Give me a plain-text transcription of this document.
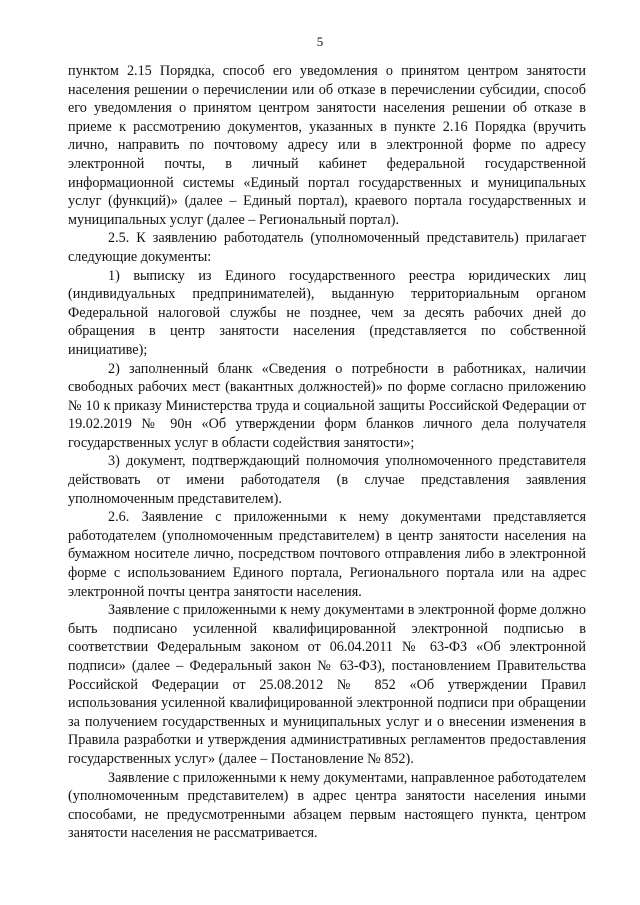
5

пунктом 2.15 Порядка, способ его уведомления о принятом центром занятости населения решении о перечислении или об отказе в перечислении субсидии, способ его уведомления о принятом центром занятости населения решении об отказе в приеме к рассмотрению документов, указанных в пункте 2.16 Порядка (вручить лично, направить по почтовому адресу или в электронной форме по адресу электронной почты, в личный кабинет федеральной государственной информационной системы «Единый портал государственных и муниципальных услуг (функций)» (далее – Единый портал), краевого портала государственных и муниципальных услуг (далее – Региональный портал).

2.5. К заявлению работодатель (уполномоченный представитель) прилагает следующие документы:

1) выписку из Единого государственного реестра юридических лиц (индивидуальных предпринимателей), выданную территориальным органом Федеральной налоговой службы не позднее, чем за десять рабочих дней до обращения в центр занятости населения (представляется по собственной инициативе);

2) заполненный бланк «Сведения о потребности в работниках, наличии свободных рабочих мест (вакантных должностей)» по форме согласно приложению № 10 к приказу Министерства труда и социальной защиты Российской Федерации от 19.02.2019 № 90н «Об утверждении форм бланков личного дела получателя государственных услуг в области содействия занятости»;

3) документ, подтверждающий полномочия уполномоченного представителя действовать от имени работодателя (в случае представления заявления уполномоченным представителем).

2.6. Заявление с приложенными к нему документами представляется работодателем (уполномоченным представителем) в центр занятости населения на бумажном носителе лично, посредством почтового отправления либо в электронной форме с использованием Единого портала, Регионального портала или на адрес электронной почты центра занятости населения.

Заявление с приложенными к нему документами в электронной форме должно быть подписано усиленной квалифицированной электронной подписью в соответствии Федеральным законом от 06.04.2011 № 63-ФЗ «Об электронной подписи» (далее – Федеральный закон № 63-ФЗ), постановлением Правительства Российской Федерации от 25.08.2012 № 852 «Об утверждении Правил использования усиленной квалифицированной электронной подписи при обращении за получением государственных и муниципальных услуг и о внесении изменения в Правила разработки и утверждения административных регламентов предоставления государственных услуг» (далее – Постановление № 852).

Заявление с приложенными к нему документами, направленное работодателем (уполномоченным представителем) в адрес центра занятости населения иными способами, не предусмотренными абзацем первым настоящего пункта, центром занятости населения не рассматривается.
